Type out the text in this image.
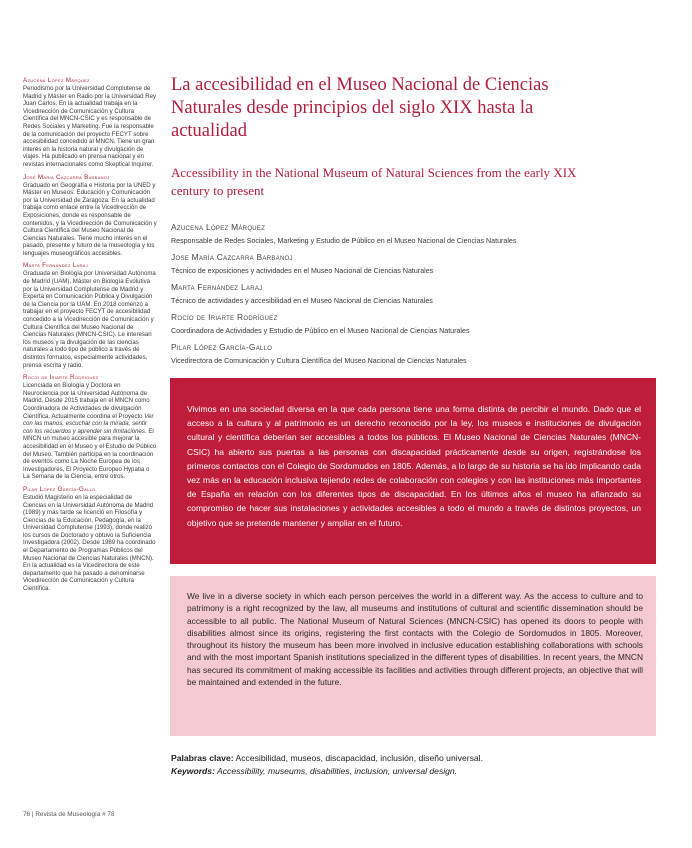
Azucena López Márquez
Periodismo por la Universidad Complutense de Madrid y Máster en Radio por la Universidad Rey Juan Carlos. En la actualidad trabaja en la Vicedirección de Comunicación y Cultura Científica del MNCN-CSIC y es responsable de Redes Sociales y Marketing. Fue la responsable de la comunicación del proyecto FECYT sobre accesibilidad concedido al MNCN. Tiene un gran interés en la historia natural y divulgación de viajes. Ha publicado en prensa nacional y en revistas internacionales como Skeptical Inquirer.
José María Cazcarra Barbanoj
Graduado en Geografía e Historia por la UNED y Máster en Museos: Educación y Comunicación por la Universidad de Zaragoza. En la actualidad trabaja como enlace entre la Vicedirección de Exposiciones, donde es responsable de contenidos, y la Vicedirección de Comunicación y Cultura Científica del Museo Nacional de Ciencias Naturales. Tiene mucho interés en el pasado, presente y futuro de la museología y los lenguajes museográficos accesibles.
Marta Fernández Laraj
Graduada en Biología por Universidad Autónoma de Madrid (UAM), Máster en Biología Evolutiva por la Universidad Complutense de Madrid y Experta en Comunicación Pública y Divulgación de la Ciencia por la UAM. En 2018 comenzó a trabajar en el proyecto FECYT de accesibilidad concedido a la Vicedirección de Comunicación y Cultura Científica del Museo Nacional de Ciencias Naturales (MNCN-CSIC). Le interesan los museos y la divulgación de las ciencias naturales a todo tipo de público a través de distintos formatos, especialmente actividades, prensa escrita y radio.
Rocío de Iriarte Rodríguez
Licenciada en Biología y Doctora en Neurociencia por la Universidad Autónoma de Madrid. Desde 2015 trabaja en el MNCN como Coordinadora de Actividades de divulgación Científica. Actualmente coordina el Proyecto Ver con las manos, escuchar con la mirada, sentir con los recuerdos y aprender sin limitaciones. El MNCN un museo accesible para mejorar la accesibilidad en el Museo y el Estudio de Público del Museo. También participa en la coordinación de eventos como La Noche Europea de los Investigadores, El Proyecto Europeo Hypatia o La Semana de la Ciencia, entre otros.
Pilar López García-Gallo
Estudió Magisterio en la especialidad de Ciencias en la Universidad Autónoma de Madrid (1989) y más tarde se licenció en Filosofía y Ciencias de la Educación, Pedagogía, en la Universidad Complutense (1993), donde realizó los cursos de Doctorado y obtuvo la Suficiencia Investigadora (2002). Desde 1989 ha coordinado el Departamento de Programas Públicos del Museo Nacional de Ciencias Naturales (MNCN). En la actualidad es la Vicedirectora de este departamento que ha pasado a denominarse Vicedirección de Comunicación y Cultura Científica.
76 | Revista de Museología # 78
La accesibilidad en el Museo Nacional de Ciencias Naturales desde principios del siglo XIX hasta la actualidad
Accessibility in the National Museum of Natural Sciences from the early XIX century to present
Azucena López Márquez
Responsable de Redes Sociales, Marketing y Estudio de Público en el Museo Nacional de Ciencias Naturales
Jose María Cazcarra Barbanoj
Técnico de exposiciones y actividades en el Museo Nacional de Ciencias Naturales
Marta Fernández Laraj
Técnico de actividades y accesibilidad en el Museo Nacional de Ciencias Naturales
Rocío de Iriarte Rodríguez
Coordinadora de Actividades y Estudio de Público en el Museo Nacional de Ciencias Naturales
Pilar López García-Gallo
Vicedirectora de Comunicación y Cultura Científica del Museo Nacional de Ciencias Naturales

Vivimos en una sociedad diversa en la que cada persona tiene una forma distinta de percibir el mundo. Dado que el acceso a la cultura y al patrimonio es un derecho reconocido por la ley, los museos e instituciones de divulgación cultural y científica deberían ser accesibles a todos los públicos. El Museo Nacional de Ciencias Naturales (MNCN-CSIC) ha abierto sus puertas a las personas con discapacidad prácticamente desde su origen, registrándose los primeros contactos con el Colegio de Sordomudos en 1805. Además, a lo largo de su historia se ha ido implicando cada vez más en la educación inclusiva tejiendo redes de colaboración con colegios y con las instituciones más importantes de España en relación con los diferentes tipos de discapacidad. En los últimos años el museo ha afianzado su compromiso de hacer sus instalaciones y actividades accesibles a todo el mundo a través de distintos proyectos, un objetivo que se pretende mantener y ampliar en el futuro.

We live in a diverse society in which each person perceives the world in a different way. As the access to culture and to patrimony is a right recognized by the law, all museums and institutions of cultural and scientific dissemination should be accessible to all public. The National Museum of Natural Sciences (MNCN-CSIC) has opened its doors to people with disabilities almost since its origins, registering the first contacts with the Colegio de Sordomudos in 1805. Moreover, throughout its history the museum has been more involved in inclusive education establishing collaborations with schools and with the most important Spanish institutions specialized in the different types of disabilities. In recent years, the MNCN has secured its commitment of making accessible its facilities and activities through different projects, an objective that will be maintained and extended in the future.

Palabras clave: Accesibilidad, museos, discapacidad, inclusión, diseño universal.
Keywords: Accessibility, museums, disabilities, inclusion, universal design.
